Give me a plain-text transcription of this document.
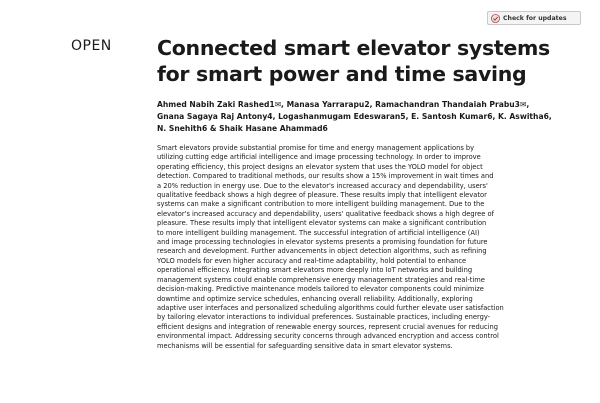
Check for updates
OPEN Connected smart elevator systems
for smart power and time saving
Ahmed Nabih Zaki Rashed1✉, Manasa Yarrarapu2, Ramachandran Thandaiah Prabu3✉,
Gnana Sagaya Raj Antony4, Logashanmugam Edeswaran5, E. Santosh Kumar6, K. Aswitha6,
N. Snehith6 & Shaik Hasane Ahammad6
Smart elevators provide substantial promise for time and energy management applications by
utilizing cutting edge artificial intelligence and image processing technology. In order to improve
operating efficiency, this project designs an elevator system that uses the YOLO model for object
detection. Compared to traditional methods, our results show a 15% improvement in wait times and
a 20% reduction in energy use. Due to the elevator's increased accuracy and dependability, users'
qualitative feedback shows a high degree of pleasure. These results imply that intelligent elevator
systems can make a significant contribution to more intelligent building management. Due to the
elevator's increased accuracy and dependability, users' qualitative feedback shows a high degree of
pleasure. These results imply that intelligent elevator systems can make a significant contribution
to more intelligent building management. The successful integration of artificial intelligence (AI)
and image processing technologies in elevator systems presents a promising foundation for future
research and development. Further advancements in object detection algorithms, such as refining
YOLO models for even higher accuracy and real-time adaptability, hold potential to enhance
operational efficiency. Integrating smart elevators more deeply into IoT networks and building
management systems could enable comprehensive energy management strategies and real-time
decision-making. Predictive maintenance models tailored to elevator components could minimize
downtime and optimize service schedules, enhancing overall reliability. Additionally, exploring
adaptive user interfaces and personalized scheduling algorithms could further elevate user satisfaction
by tailoring elevator interactions to individual preferences. Sustainable practices, including energy-
efficient designs and integration of renewable energy sources, represent crucial avenues for reducing
environmental impact. Addressing security concerns through advanced encryption and access control
mechanisms will be essential for safeguarding sensitive data in smart elevator systems.
